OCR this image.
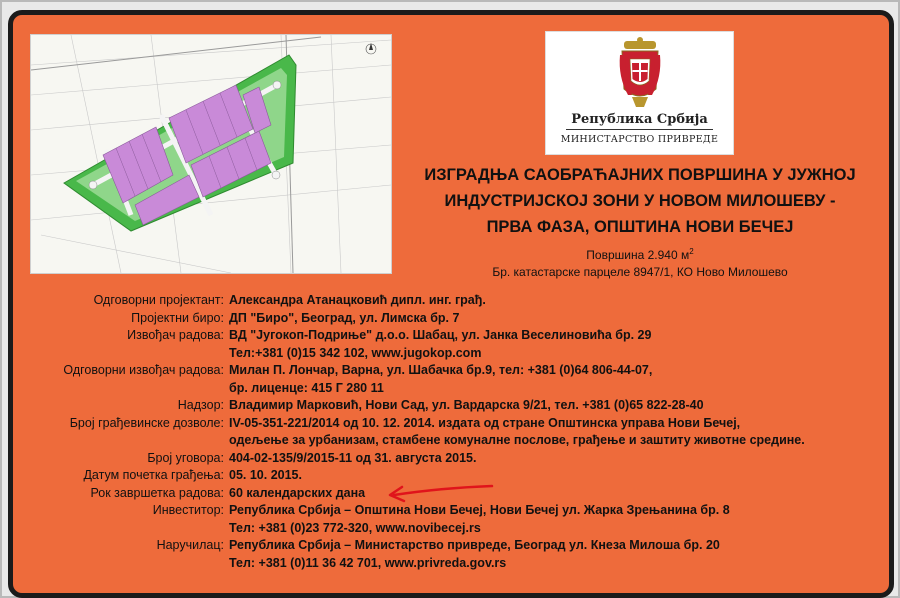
Република Србија
МИНИСТАРСТВО ПРИВРЕДЕ
ИЗГРАДЊА САОБРАЋАЈНИХ ПОВРШИНА У ЈУЖНОЈ
ИНДУСТРИЈСКОЈ ЗОНИ У НОВОМ МИЛОШЕВУ -
ПРВА ФАЗА, ОПШТИНА НОВИ БЕЧЕЈ
Површина 2.940 $м^2$
Бр. катастарске парцеле 8947/1, КО Ново Милошево
Одговорни пројектант: Александра Атанацковић дипл. инг. грађ.
Пројектни биро: ДП "Биро", Београд, ул. Лимска бр. 7
Извођач радова: ВД "Југокоп-Подриње" д.о.о. Шабац, ул. Јанка Веселиновића бр. 29
Тел:+381 (0)15 342 102, www.jugokop.com
Одговорни извођач радова: Милан П. Лончар, Варна, ул. Шабачка бр.9, тел: +381 (0)64 806-44-07,
бр. лиценце: 415 Г 280 11
Надзор: Владимир Марковић, Нови Сад, ул. Вардарска 9/21, тел. +381 (0)65 822-28-40
Број грађевинске дозволе: IV-05-351-221/2014 од 10. 12. 2014. издата од стране Општинска управа Нови Бечеј,
одељење за урбанизам, стамбене комуналне послове, грађење и заштиту животне средине.
Број уговора: 404-02-135/9/2015-11 од 31. августа 2015.
Датум почетка грађења: 05. 10. 2015.
Рок завршетка радова: 60 календарских дана
Инвеститор: Република Србија – Општина Нови Бечеј, Нови Бечеј ул. Жарка Зрењанина бр. 8
Тел: +381 (0)23 772-320, www.novibecej.rs
Наручилац: Република Србија – Министарство привреде, Београд ул. Кнеза Милоша бр. 20
Тел: +381 (0)11 36 42 701, www.privreda.gov.rs
